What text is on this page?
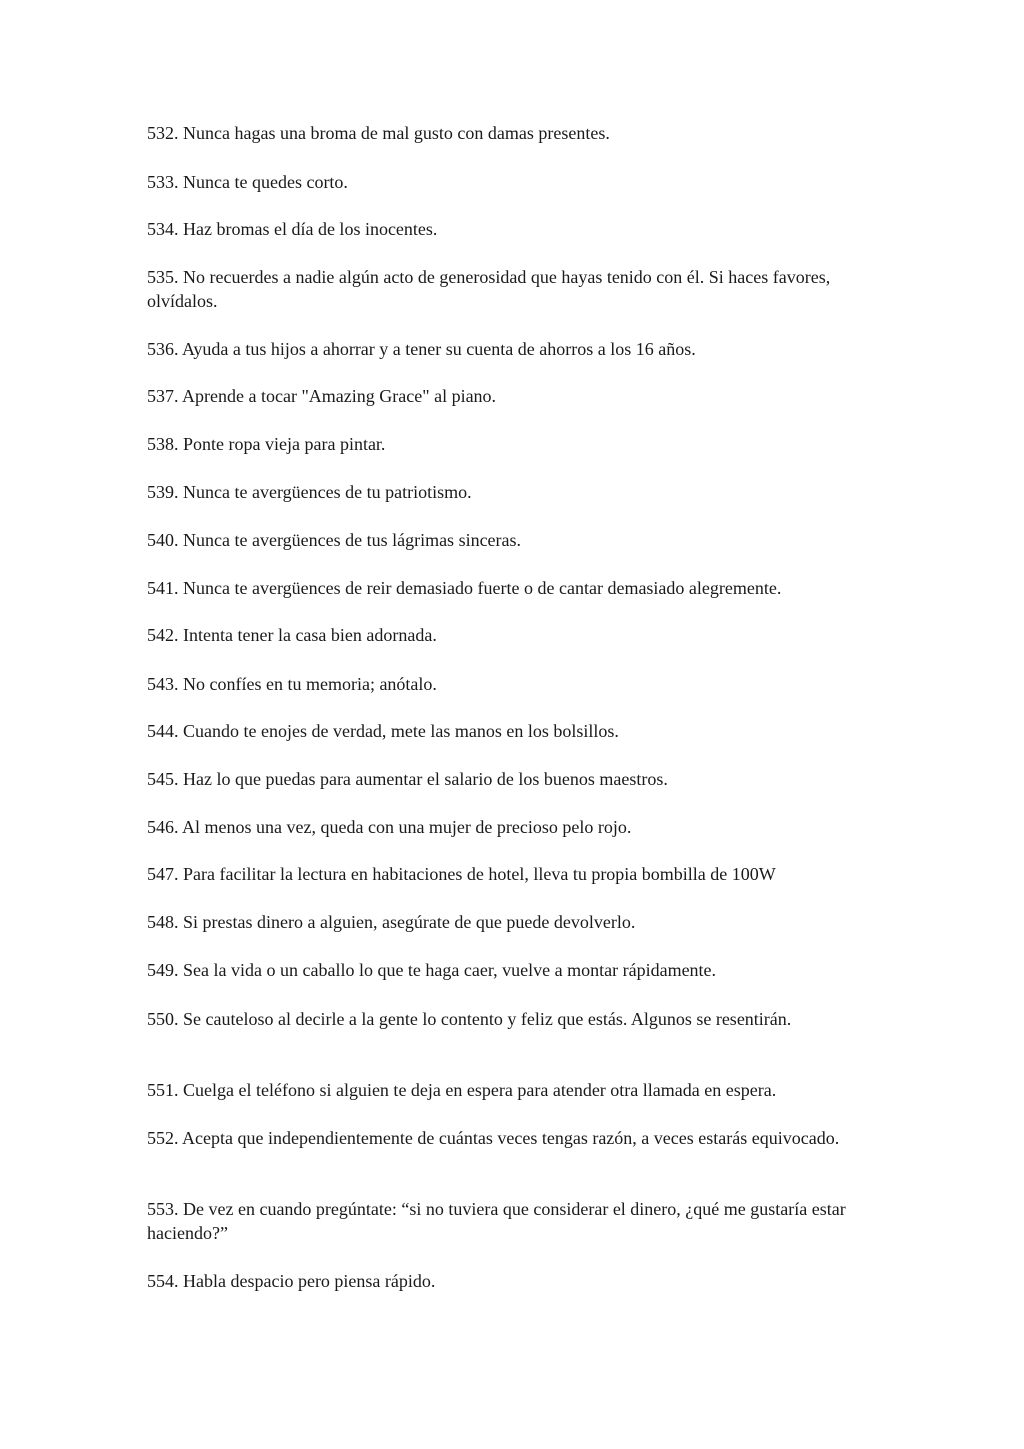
532. Nunca hagas una broma de mal gusto con damas presentes.

533. Nunca te quedes corto.

534. Haz bromas el día de los inocentes.

535. No recuerdes a nadie algún acto de generosidad que hayas tenido con él. Si haces favores, olvídalos.

536. Ayuda a tus hijos a ahorrar y a tener su cuenta de ahorros a los 16 años.

537. Aprende a tocar "Amazing Grace" al piano.

538. Ponte ropa vieja para pintar.

539. Nunca te avergüences de tu patriotismo.

540. Nunca te avergüences de tus lágrimas sinceras.

541. Nunca te avergüences de reir demasiado fuerte o de cantar demasiado alegremente.

542. Intenta tener la casa bien adornada.

543. No confíes en tu memoria; anótalo.

544. Cuando te enojes de verdad, mete las manos en los bolsillos.

545. Haz lo que puedas para aumentar el salario de los buenos maestros.

546. Al menos una vez, queda con una mujer de precioso pelo rojo.

547. Para facilitar la lectura en habitaciones de hotel, lleva tu propia bombilla de 100W

548. Si prestas dinero a alguien, asegúrate de que puede devolverlo.

549. Sea la vida o un caballo lo que te haga caer, vuelve a montar rápidamente.

550. Se cauteloso al decirle a la gente lo contento y feliz que estás. Algunos se resentirán.

551. Cuelga el teléfono si alguien te deja en espera para atender otra llamada en espera.

552. Acepta que independientemente de cuántas veces tengas razón, a veces estarás equivocado.

553. De vez en cuando pregúntate: “si no tuviera que considerar el dinero, ¿qué me gustaría estar haciendo?”

554. Habla despacio pero piensa rápido.
